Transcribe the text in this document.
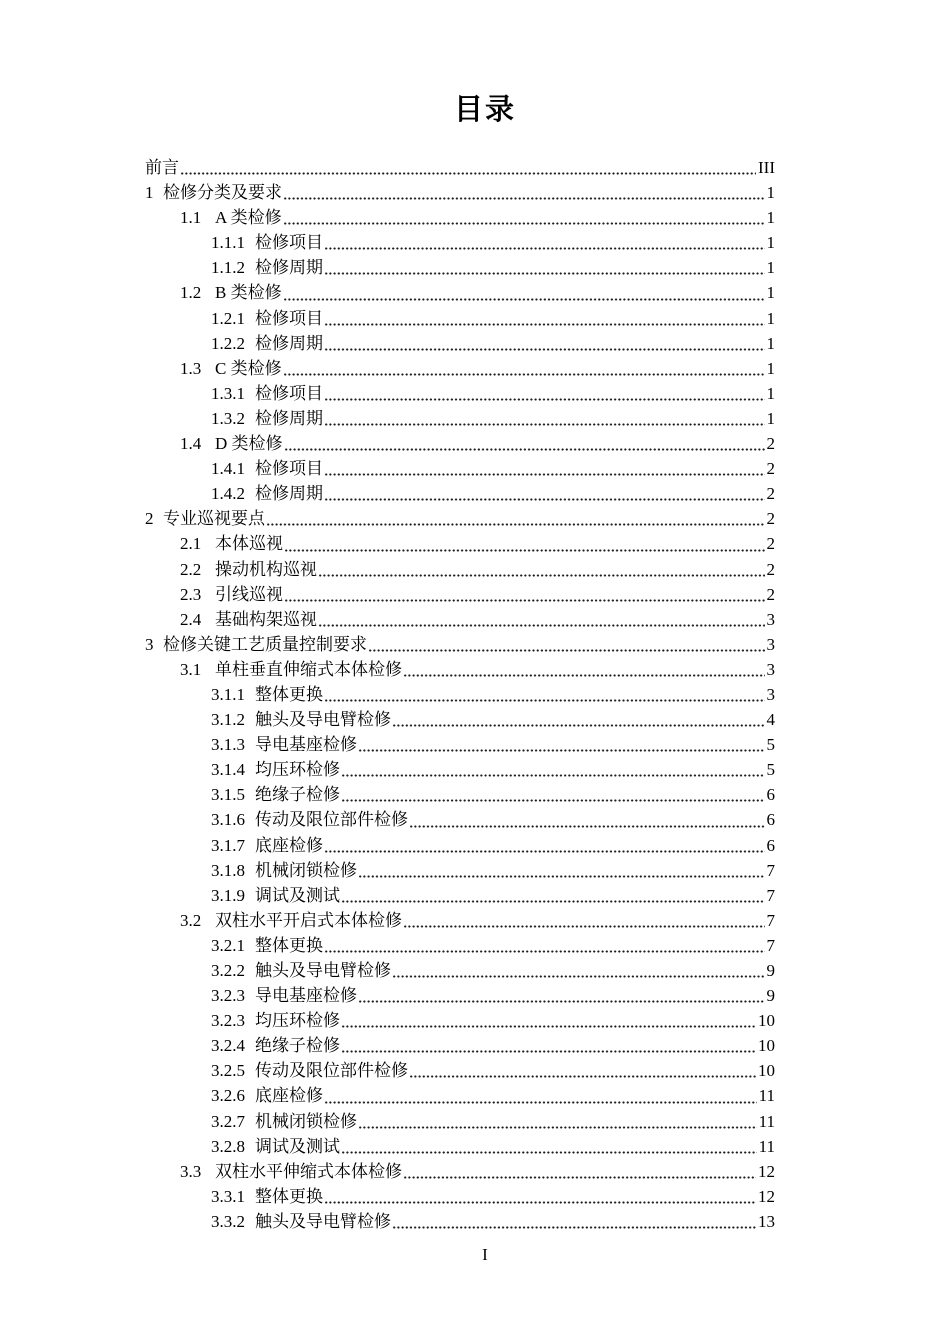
目录
前言	III
1 检修分类及要求	1
1.1 A 类检修	1
1.1.1 检修项目	1
1.1.2 检修周期	1
1.2 B 类检修	1
1.2.1 检修项目	1
1.2.2 检修周期	1
1.3 C 类检修	1
1.3.1 检修项目	1
1.3.2 检修周期	1
1.4 D 类检修	2
1.4.1 检修项目	2
1.4.2 检修周期	2
2 专业巡视要点	2
2.1 本体巡视	2
2.2 操动机构巡视	2
2.3 引线巡视	2
2.4 基础构架巡视	3
3 检修关键工艺质量控制要求	3
3.1 单柱垂直伸缩式本体检修	3
3.1.1 整体更换	3
3.1.2 触头及导电臂检修	4
3.1.3 导电基座检修	5
3.1.4 均压环检修	5
3.1.5 绝缘子检修	6
3.1.6 传动及限位部件检修	6
3.1.7 底座检修	6
3.1.8 机械闭锁检修	7
3.1.9 调试及测试	7
3.2 双柱水平开启式本体检修	7
3.2.1 整体更换	7
3.2.2 触头及导电臂检修	9
3.2.3 导电基座检修	9
3.2.3 均压环检修	10
3.2.4 绝缘子检修	10
3.2.5 传动及限位部件检修	10
3.2.6 底座检修	11
3.2.7 机械闭锁检修	11
3.2.8 调试及测试	11
3.3 双柱水平伸缩式本体检修	12
3.3.1 整体更换	12
3.3.2 触头及导电臂检修	13
I
